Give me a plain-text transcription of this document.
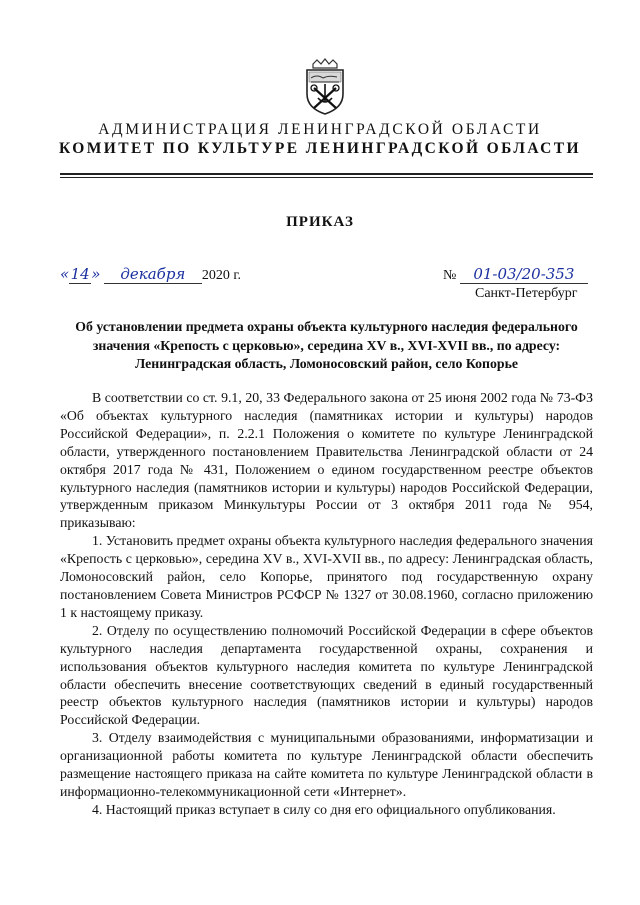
АДМИНИСТРАЦИЯ ЛЕНИНГРАДСКОЙ ОБЛАСТИ
КОМИТЕТ ПО КУЛЬТУРЕ ЛЕНИНГРАДСКОЙ ОБЛАСТИ
ПРИКАЗ
«14» декабря 2020 г.	№ 01-03/20-353
Санкт-Петербург
Об установлении предмета охраны объекта культурного наследия федерального значения «Крепость с церковью», середина XV в., XVI-XVII вв., по адресу: Ленинградская область, Ломоносовский район, село Копорье

В соответствии со ст. 9.1, 20, 33 Федерального закона от 25 июня 2002 года № 73-ФЗ «Об объектах культурного наследия (памятниках истории и культуры) народов Российской Федерации», п. 2.2.1 Положения о комитете по культуре Ленинградской области, утвержденного постановлением Правительства Ленинградской области от 24 октября 2017 года № 431, Положением о едином государственном реестре объектов культурного наследия (памятников истории и культуры) народов Российской Федерации, утвержденным приказом Минкультуры России от 3 октября 2011 года № 954, приказываю:

1. Установить предмет охраны объекта культурного наследия федерального значения «Крепость с церковью», середина XV в., XVI-XVII вв., по адресу: Ленинградская область, Ломоносовский район, село Копорье, принятого под государственную охрану постановлением Совета Министров РСФСР № 1327 от 30.08.1960, согласно приложению 1 к настоящему приказу.

2. Отделу по осуществлению полномочий Российской Федерации в сфере объектов культурного наследия департамента государственной охраны, сохранения и использования объектов культурного наследия комитета по культуре Ленинградской области обеспечить внесение соответствующих сведений в единый государственный реестр объектов культурного наследия (памятников истории и культуры) народов Российской Федерации.

3. Отделу взаимодействия с муниципальными образованиями, информатизации и организационной работы комитета по культуре Ленинградской области обеспечить размещение настоящего приказа на сайте комитета по культуре Ленинградской области в информационно-телекоммуникационной сети «Интернет».

4. Настоящий приказ вступает в силу со дня его официального опубликования.
